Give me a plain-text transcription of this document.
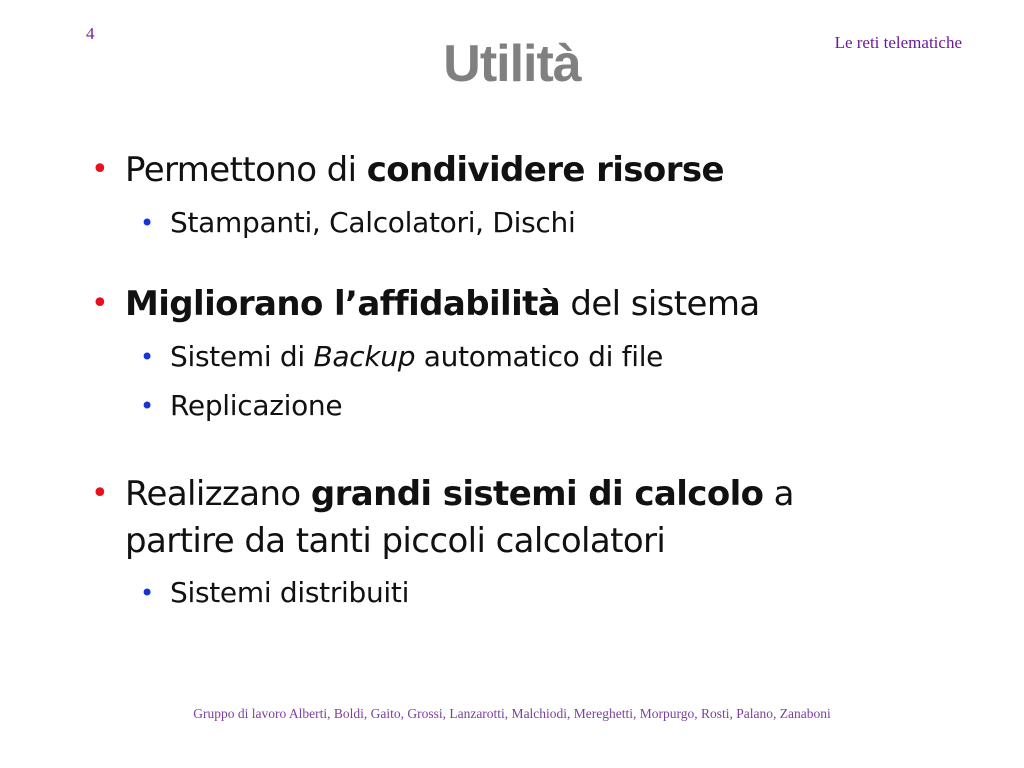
4	Le reti telematiche
Utilità
• Permettono di condividere risorse
• Stampanti, Calcolatori, Dischi
• Migliorano l’affidabilità del sistema
• Sistemi di Backup automatico di file
• Replicazione
• Realizzano grandi sistemi di calcolo a
partire da tanti piccoli calcolatori
• Sistemi distribuiti
Gruppo di lavoro Alberti, Boldi, Gaito, Grossi, Lanzarotti, Malchiodi, Mereghetti, Morpurgo, Rosti, Palano, Zanaboni
